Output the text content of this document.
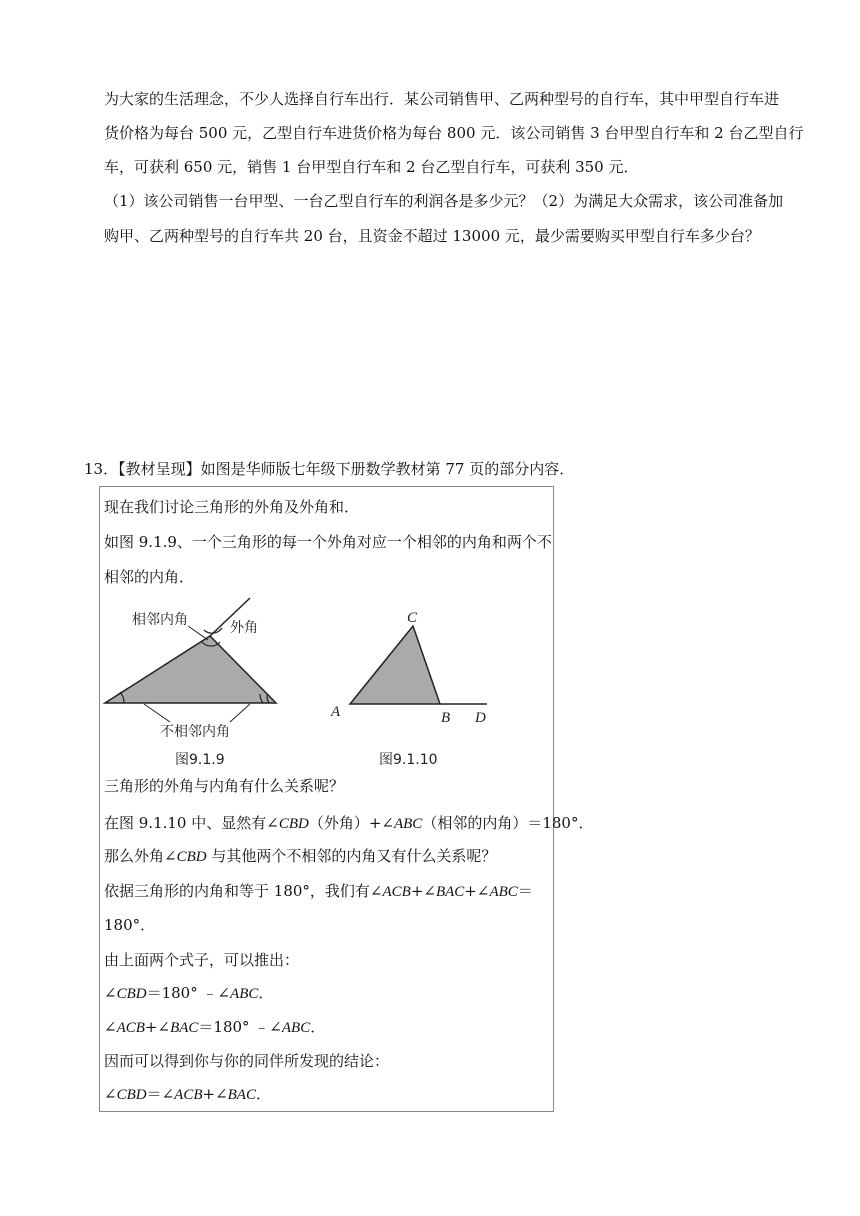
为大家的生活理念，不少人选择自行车出行．某公司销售甲、乙两种型号的自行车，其中甲型自行车进
货价格为每台 500 元，乙型自行车进货价格为每台 800 元．该公司销售 3 台甲型自行车和 2 台乙型自行
车，可获利 650 元，销售 1 台甲型自行车和 2 台乙型自行车，可获利 350 元．
（1）该公司销售一台甲型、一台乙型自行车的利润各是多少元？（2）为满足大众需求，该公司准备加
购甲、乙两种型号的自行车共 20 台，且资金不超过 13000 元，最少需要购买甲型自行车多少台？
13．【教材呈现】如图是华师版七年级下册数学教材第 77 页的部分内容．
现在我们讨论三角形的外角及外角和．
如图 9.1.9、一个三角形的每一个外角对应一个相邻的内角和两个不
相邻的内角．
相邻内角	外角
不相邻内角
图9.1.9
C
A	B D
图9.1.10
三角形的外角与内角有什么关系呢？
在图 9.1.10 中、显然有∠CBD（外角）+∠ABC（相邻的内角）＝180°．
那么外角∠CBD 与其他两个不相邻的内角又有什么关系呢？
依据三角形的内角和等于 180°，我们有∠ACB+∠BAC+∠ABC＝
180°．
由上面两个式子，可以推出：
∠CBD＝180° ﹣∠ABC．
∠ACB+∠BAC＝180° ﹣∠ABC．
因而可以得到你与你的同伴所发现的结论：
∠CBD＝∠ACB+∠BAC．
